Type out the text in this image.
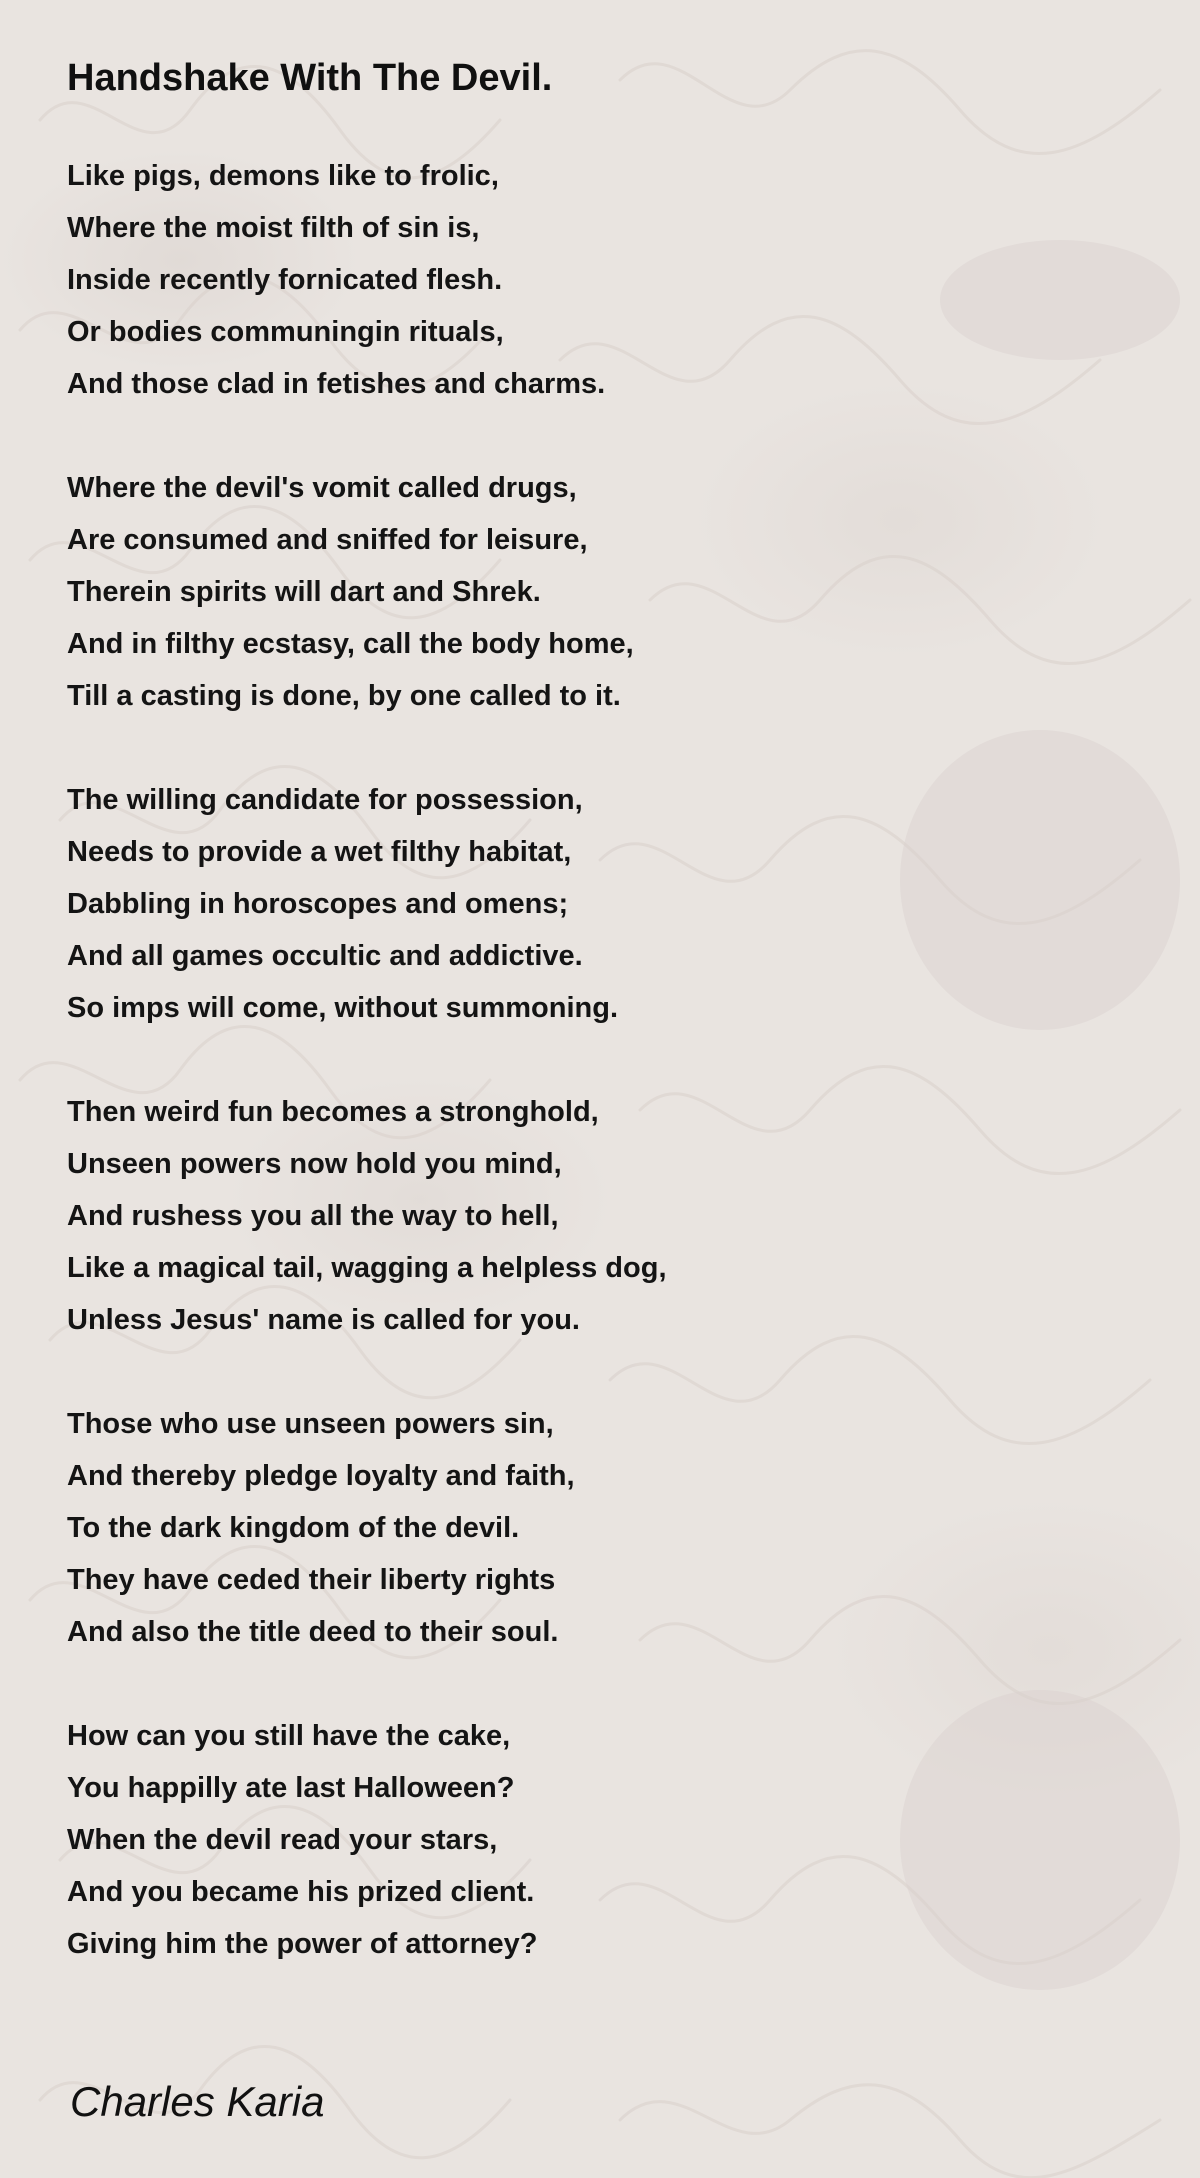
Handshake With The Devil.
Like pigs, demons like to frolic,
Where the moist filth of sin is,
Inside recently fornicated flesh.
Or bodies communingin rituals,
And those clad in fetishes and charms.
Where the devil's vomit called drugs,
Are consumed and sniffed for leisure,
Therein spirits will dart and Shrek.
And in filthy ecstasy, call the body home,
Till a casting is done, by one called to it.
The willing candidate for possession,
Needs to provide a wet filthy habitat,
Dabbling in horoscopes and omens;
And all games occultic and addictive.
So imps will come, without summoning.
Then weird fun becomes a stronghold,
Unseen powers now hold you mind,
And rushess you all the way to hell,
Like a magical tail, wagging a helpless dog,
Unless Jesus' name is called for you.
Those who use unseen powers sin,
And thereby pledge loyalty and faith,
To the dark kingdom of the devil.
They have ceded their liberty rights
And also the title deed to their soul.
How can you still have the cake,
You happilly ate last Halloween?
When the devil read your stars,
And you became his prized client.
Giving him the power of attorney?
Charles Karia
